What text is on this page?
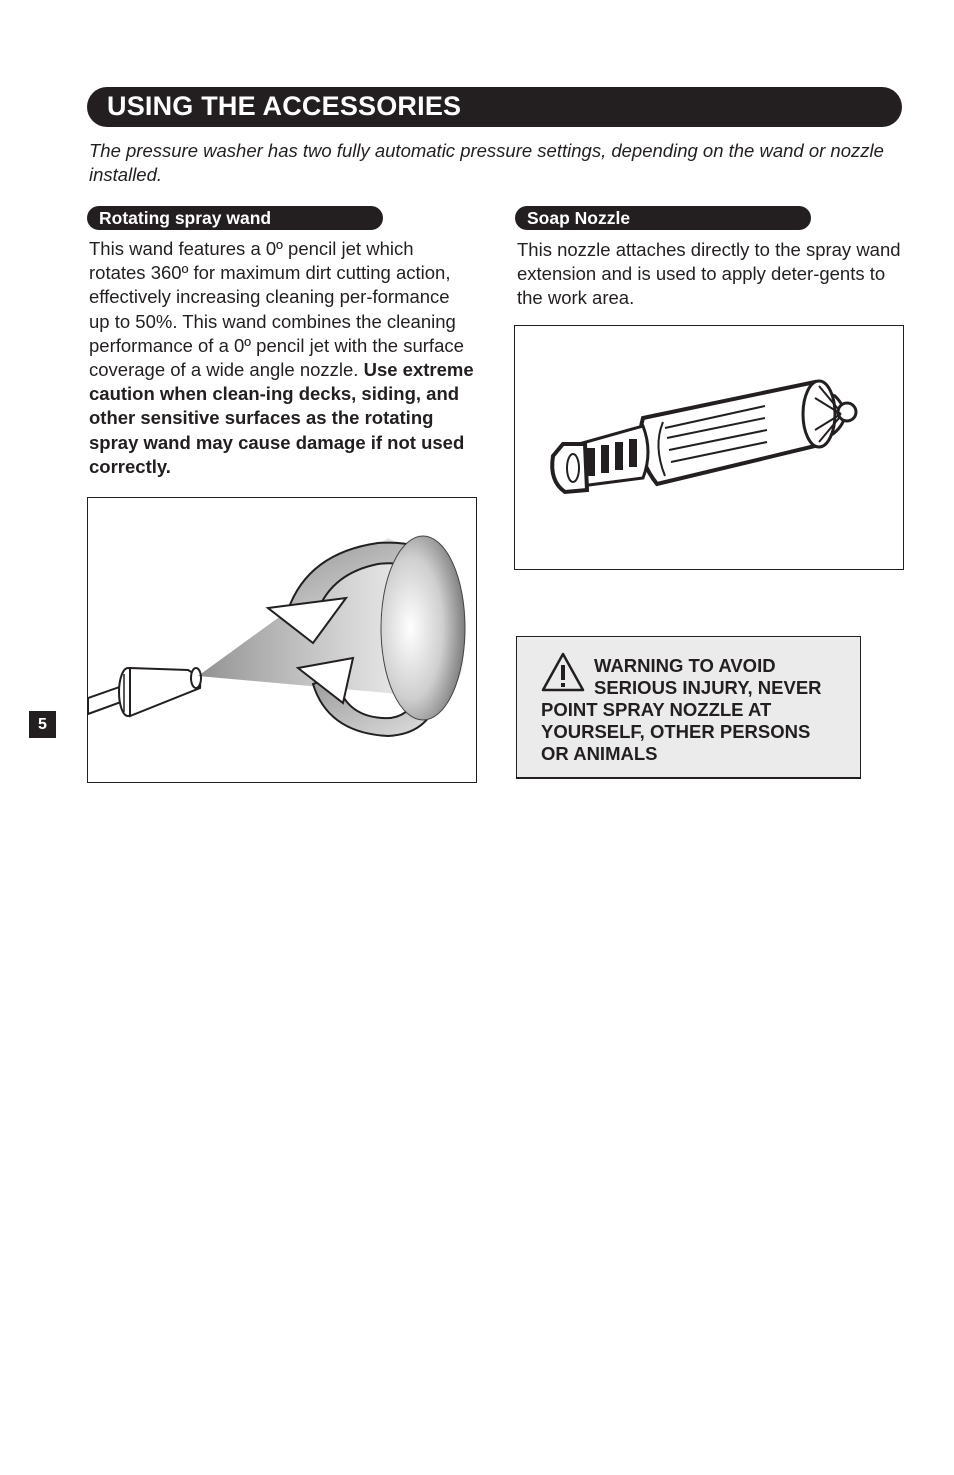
USING THE ACCESSORIES

The pressure washer has two fully automatic pressure settings, depending on the wand or nozzle installed.

Rotating spray wand

This wand features a 0º pencil jet which rotates 360º for maximum dirt cutting action, effectively increasing cleaning per-formance up to 50%. This wand combines the cleaning performance of a 0º pencil jet with the surface coverage of a wide angle nozzle. Use extreme caution when clean-ing decks, siding, and other sensitive surfaces as the rotating spray wand may cause damage if not used correctly.

Soap Nozzle

This nozzle attaches directly to the spray wand extension and is used to apply deter-gents to the work area.

WARNING TO AVOID
SERIOUS INJURY, NEVER
POINT SPRAY NOZZLE AT
YOURSELF, OTHER PERSONS
OR ANIMALS

5
